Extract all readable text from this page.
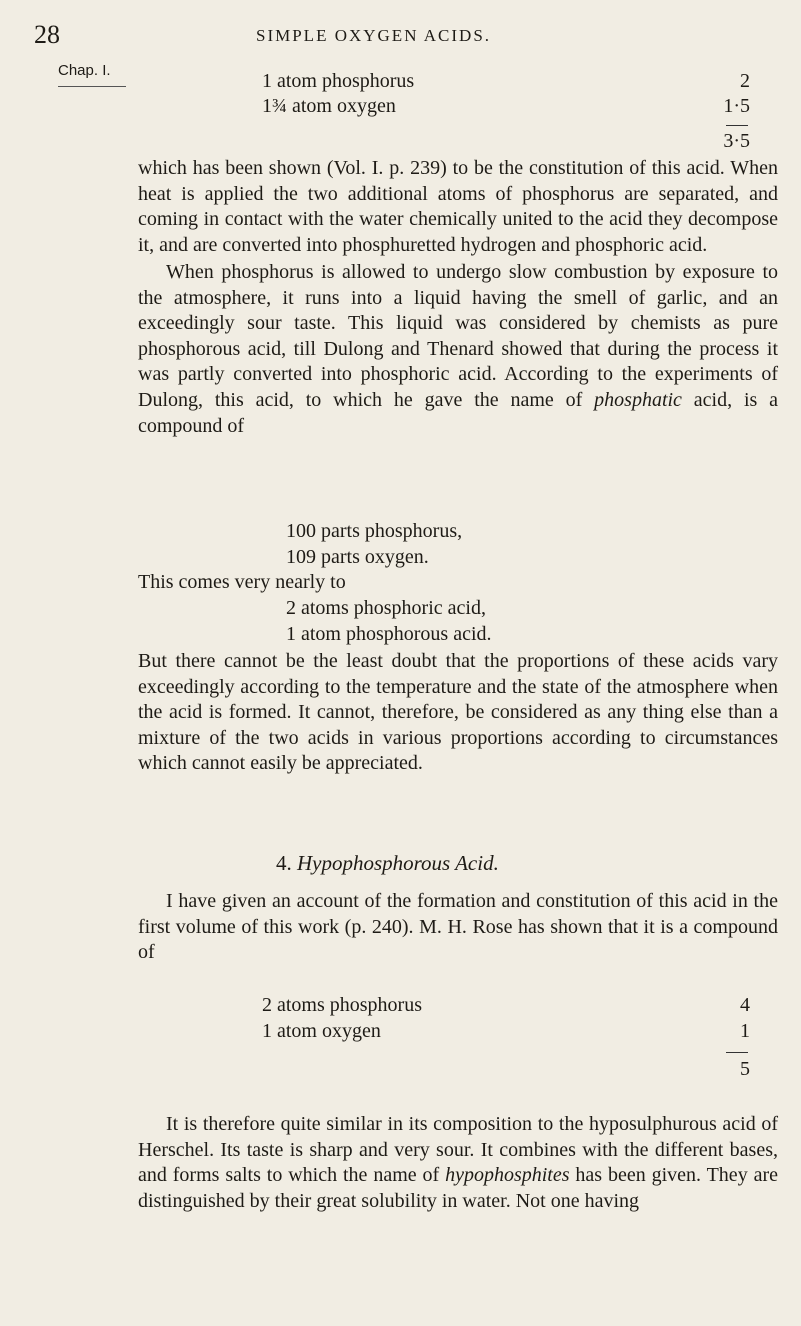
28	SIMPLE OXYGEN ACIDS.
Chap. I.	1 atom phosphorus	2
1¾ atom oxygen	1·5
3·5
which has been shown (Vol. I. p. 239) to be the constitution of this acid. When heat is applied the two additional atoms of phosphorus are separated, and coming in contact with the water chemically united to the acid they decompose it, and are converted into phosphuretted hydrogen and phosphoric acid.
When phosphorus is allowed to undergo slow combustion by exposure to the atmosphere, it runs into a liquid having the smell of garlic, and an exceedingly sour taste. This liquid was considered by chemists as pure phosphorous acid, till Dulong and Thenard showed that during the process it was partly converted into phosphoric acid. According to the experiments of Dulong, this acid, to which he gave the name of phosphatic acid, is a compound of
100 parts phosphorus,
109 parts oxygen.
This comes very nearly to
2 atoms phosphoric acid,
1 atom phosphorous acid.
But there cannot be the least doubt that the proportions of these acids vary exceedingly according to the temperature and the state of the atmosphere when the acid is formed. It cannot, therefore, be considered as any thing else than a mixture of the two acids in various proportions according to circumstances which cannot easily be appreciated.
4. Hypophosphorous Acid.
I have given an account of the formation and constitution of this acid in the first volume of this work (p. 240). M. H. Rose has shown that it is a compound of
2 atoms phosphorus	4
1 atom oxygen	1
5
It is therefore quite similar in its composition to the hyposulphurous acid of Herschel. Its taste is sharp and very sour. It combines with the different bases, and forms salts to which the name of hypophosphites has been given. They are distinguished by their great solubility in water. Not one having
